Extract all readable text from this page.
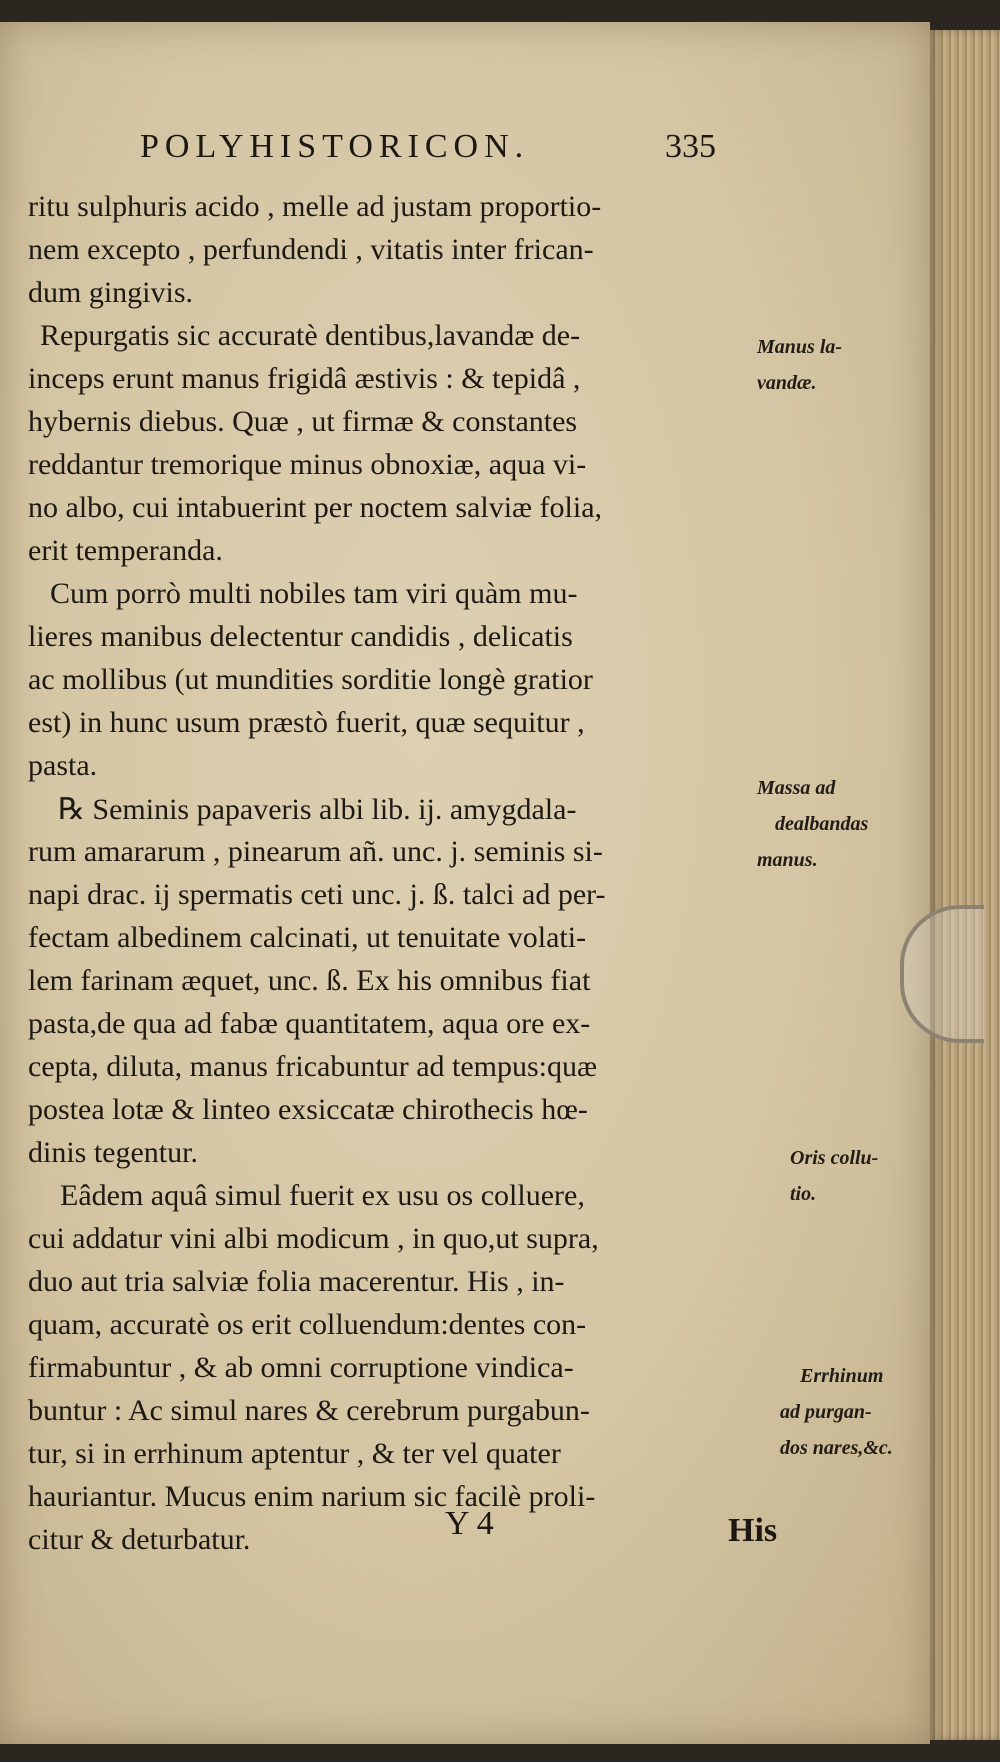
POLYHISTORICON.	335
ritu sulphuris acido , melle ad justam proportio-
nem excepto , perfundendi , vitatis inter frican-
dum gingivis.
Repurgatis sic accuratè dentibus,lavandæ de-
inceps erunt manus frigidâ æstivis : & tepidâ ,
hybernis diebus. Quæ , ut firmæ & constantes
reddantur tremorique minus obnoxiæ, aqua vi-
no albo, cui intabuerint per noctem salviæ folia,
erit temperanda.
Cum porrò multi nobiles tam viri quàm mu-
lieres manibus delectentur candidis , delicatis
ac mollibus (ut mundities sorditie longè gratior
est) in hunc usum præstò fuerit, quæ sequitur ,
pasta.
℞ Seminis papaveris albi lib. ij. amygdala-
rum amararum , pinearum añ. unc. j. seminis si-
napi drac. ij spermatis ceti unc. j. ß. talci ad per-
fectam albedinem calcinati, ut tenuitate volati-
lem farinam æquet, unc. ß. Ex his omnibus fiat
pasta,de qua ad fabæ quantitatem, aqua ore ex-
cepta, diluta, manus fricabuntur ad tempus:quæ
postea lotæ & linteo exsiccatæ chirothecis hœ-
dinis tegentur.
Eâdem aquâ simul fuerit ex usu os colluere,
cui addatur vini albi modicum , in quo,ut supra,
duo aut tria salviæ folia macerentur. His , in-
quam, accuratè os erit colluendum:dentes con-
firmabuntur , & ab omni corruptione vindica-
buntur : Ac simul nares & cerebrum purgabun-
tur, si in errhinum aptentur , & ter vel quater
hauriantur. Mucus enim narium sic facilè proli-
citur & deturbatur.
Manus la-
vandæ.
Massa ad
dealbandas
manus.
Oris collu-
tio.
Errhinum
ad purgan-
dos nares,&c.
Y 4	His
